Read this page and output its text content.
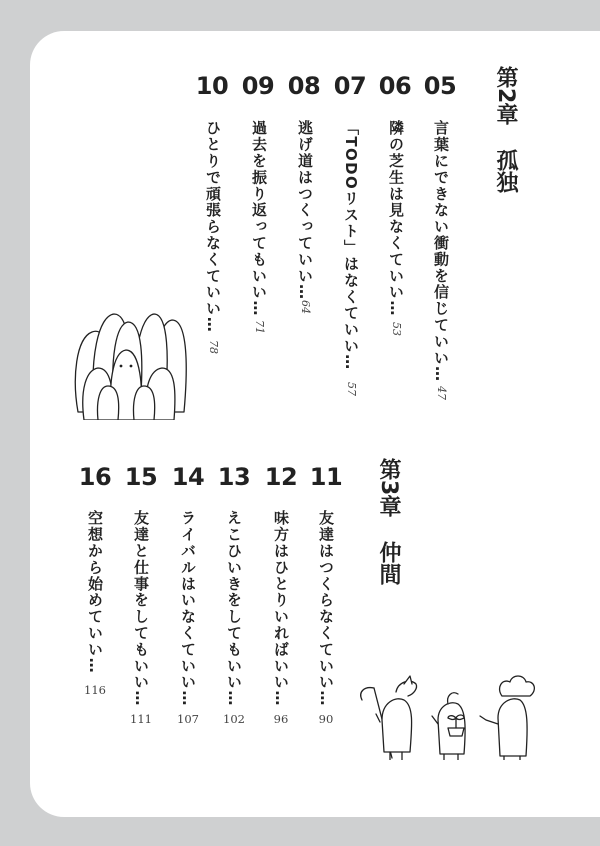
第2章孤独
05
言葉にできない衝動を信じていい…
47
06
隣の芝生は見なくていい…
53
07
「TODOリスト」はなくていい…
57
08
逃げ道はつくっていい…
64
09
過去を振り返ってもいい…
71
10
ひとりで頑張らなくていい…
78
第3章仲間
11
友達はつくらなくていい…
90
12
味方はひとりいればいい…
96
13
えこひいきをしてもいい…
102
14
ライバルはいなくていい…
107
15
友達と仕事をしてもいい…
111
16
空想から始めていい…
116
